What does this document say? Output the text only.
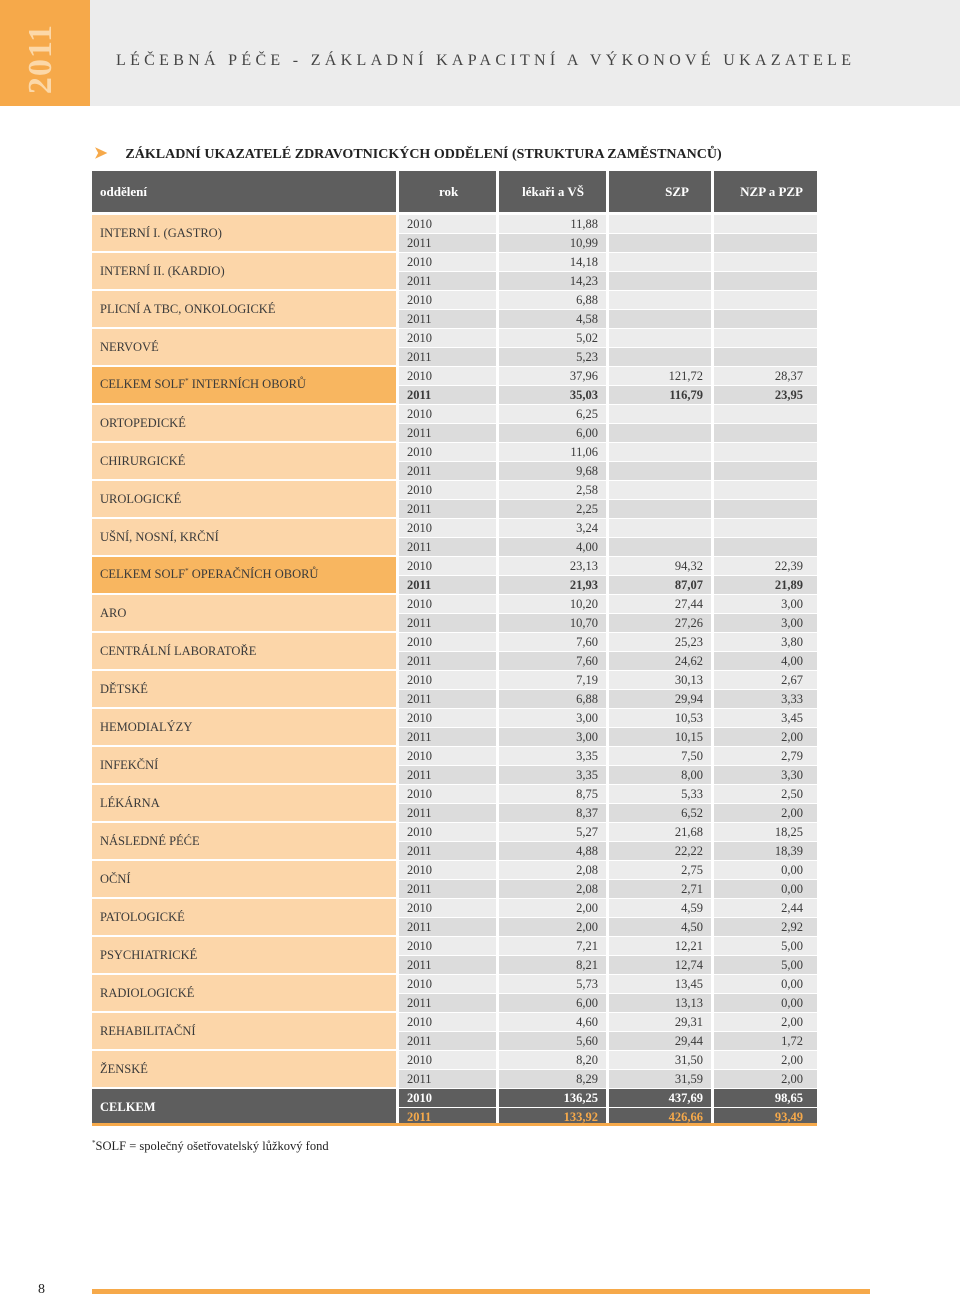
2011	LÉČEBNÁ PÉČE - ZÁKLADNÍ KAPACITNÍ A VÝKONOVÉ UKAZATELE
➤ ZÁKLADNÍ UKAZATELÉ ZDRAVOTNICKÝCH ODDĚLENÍ (STRUKTURA ZAMĚSTNANCŮ)
oddělení	rok	lékaři a VŠ	SZP	NZP a PZP
INTERNÍ I. (GASTRO)	2010	11,88		
	2011	10,99		
INTERNÍ II. (KARDIO)	2010	14,18		
	2011	14,23		
PLICNÍ A TBC, ONKOLOGICKÉ	2010	6,88		
	2011	4,58		
NERVOVÉ	2010	5,02		
	2011	5,23		
CELKEM SOLF* INTERNÍCH OBORŮ	2010	37,96	121,72	28,37
	2011	35,03	116,79	23,95
ORTOPEDICKÉ	2010	6,25		
	2011	6,00		
CHIRURGICKÉ	2010	11,06		
	2011	9,68		
UROLOGICKÉ	2010	2,58		
	2011	2,25		
UŠNÍ, NOSNÍ, KRČNÍ	2010	3,24		
	2011	4,00		
CELKEM SOLF* OPERAČNÍCH OBORŮ	2010	23,13	94,32	22,39
	2011	21,93	87,07	21,89
ARO	2010	10,20	27,44	3,00
	2011	10,70	27,26	3,00
CENTRÁLNÍ LABORATOŘE	2010	7,60	25,23	3,80
	2011	7,60	24,62	4,00
DĚTSKÉ	2010	7,19	30,13	2,67
	2011	6,88	29,94	3,33
HEMODIALÝZY	2010	3,00	10,53	3,45
	2011	3,00	10,15	2,00
INFEKČNÍ	2010	3,35	7,50	2,79
	2011	3,35	8,00	3,30
LÉKÁRNA	2010	8,75	5,33	2,50
	2011	8,37	6,52	2,00
NÁSLEDNÉ PÉĆE	2010	5,27	21,68	18,25
	2011	4,88	22,22	18,39
OČNÍ	2010	2,08	2,75	0,00
	2011	2,08	2,71	0,00
PATOLOGICKÉ	2010	2,00	4,59	2,44
	2011	2,00	4,50	2,92
PSYCHIATRICKÉ	2010	7,21	12,21	5,00
	2011	8,21	12,74	5,00
RADIOLOGICKÉ	2010	5,73	13,45	0,00
	2011	6,00	13,13	0,00
REHABILITAČNÍ	2010	4,60	29,31	2,00
	2011	5,60	29,44	1,72
ŽENSKÉ	2010	8,20	31,50	2,00
	2011	8,29	31,59	2,00
CELKEM	2010	136,25	437,69	98,65
	2011	133,92	426,66	93,49
*SOLF = společný ošetřovatelský lůžkový fond
8
